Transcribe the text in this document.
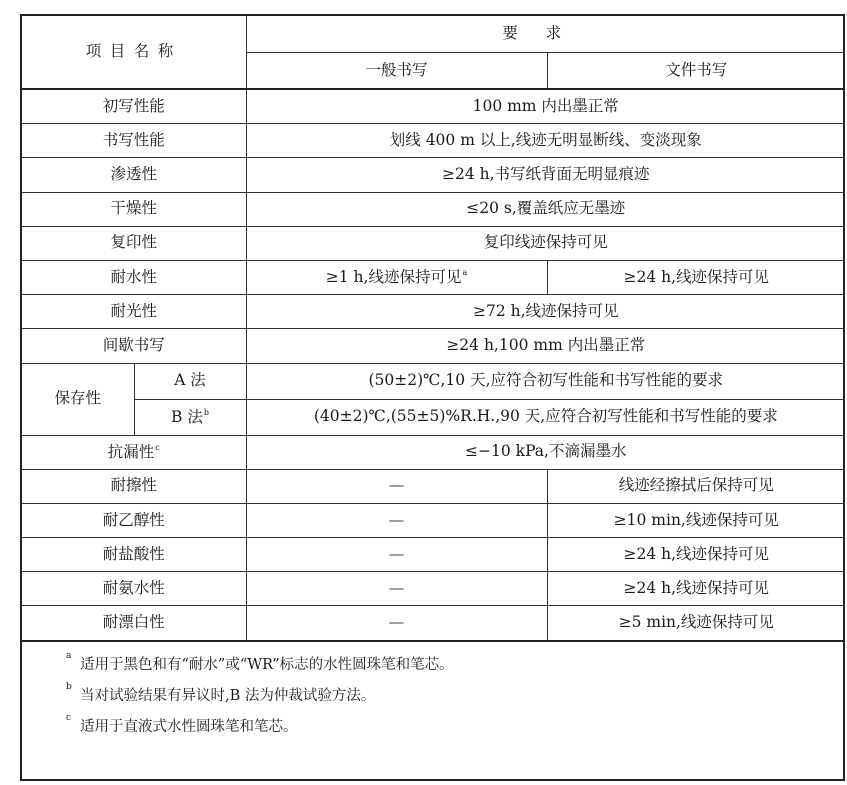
项目名称		要求	
		一般书写	文件书写
初写性能		100 mm 内出墨正常	
书写性能		划线 400 m 以上,线迹无明显断线、变淡现象	
渗透性		≥24 h,书写纸背面无明显痕迹	
干燥性		≤20 s,覆盖纸应无墨迹	
复印性		复印线迹保持可见	
耐水性		≥1 h,线迹保持可见$^a$	≥24 h,线迹保持可见
耐光性		≥72 h,线迹保持可见	
间歇书写		≥24 h,100 mm 内出墨正常	
保存性	A 法	(50±2)℃,10 天,应符合初写性能和书写性能的要求	
	B 法$^b$	(40±2)℃,(55±5)%R.H.,90 天,应符合初写性能和书写性能的要求	
抗漏性$^c$		≤−10 kPa,不滴漏墨水	
耐擦性		—	线迹经擦拭后保持可见
耐乙醇性		—	≥10 min,线迹保持可见
耐盐酸性		—	≥24 h,线迹保持可见
耐氨水性		—	≥24 h,线迹保持可见
耐漂白性		—	≥5 min,线迹保持可见
a
适用于黑色和有“耐水”或“WR”标志的水性圆珠笔和笔芯。
b
当对试验结果有异议时,B 法为仲裁试验方法。
c
适用于直液式水性圆珠笔和笔芯。
